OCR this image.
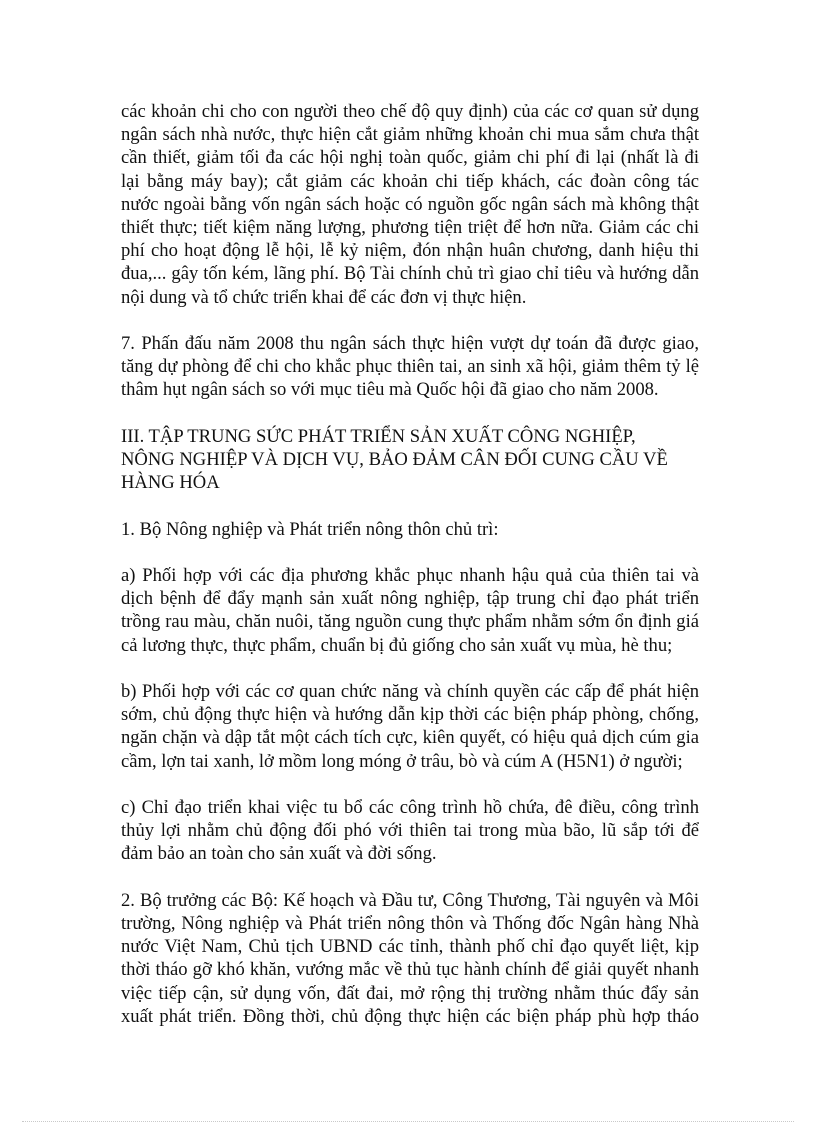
các khoản chi cho con người theo chế độ quy định) của các cơ quan sử dụng
ngân sách nhà nước, thực hiện cắt giảm những khoản chi mua sắm chưa thật
cần thiết, giảm tối đa các hội nghị toàn quốc, giảm chi phí đi lại (nhất là đi
lại bằng máy bay); cắt giảm các khoản chi tiếp khách, các đoàn công tác
nước ngoài bằng vốn ngân sách hoặc có nguồn gốc ngân sách mà không thật
thiết thực; tiết kiệm năng lượng, phương tiện triệt để hơn nữa. Giảm các chi
phí cho hoạt động lễ hội, lễ kỷ niệm, đón nhận huân chương, danh hiệu thi
đua,... gây tốn kém, lãng phí. Bộ Tài chính chủ trì giao chỉ tiêu và hướng dẫn
nội dung và tổ chức triển khai để các đơn vị thực hiện.

7. Phấn đấu năm 2008 thu ngân sách thực hiện vượt dự toán đã được giao,
tăng dự phòng để chi cho khắc phục thiên tai, an sinh xã hội, giảm thêm tỷ lệ
thâm hụt ngân sách so với mục tiêu mà Quốc hội đã giao cho năm 2008.

III. TẬP TRUNG SỨC PHÁT TRIỂN SẢN XUẤT CÔNG NGHIỆP,
NÔNG NGHIỆP VÀ DỊCH VỤ, BẢO ĐẢM CÂN ĐỐI CUNG CẦU VỀ
HÀNG HÓA

1. Bộ Nông nghiệp và Phát triển nông thôn chủ trì:

a) Phối hợp với các địa phương khắc phục nhanh hậu quả của thiên tai và
dịch bệnh để đẩy mạnh sản xuất nông nghiệp, tập trung chỉ đạo phát triển
trồng rau màu, chăn nuôi, tăng nguồn cung thực phẩm nhằm sớm ổn định giá
cả lương thực, thực phẩm, chuẩn bị đủ giống cho sản xuất vụ mùa, hè thu;

b) Phối hợp với các cơ quan chức năng và chính quyền các cấp để phát hiện
sớm, chủ động thực hiện và hướng dẫn kịp thời các biện pháp phòng, chống,
ngăn chặn và dập tắt một cách tích cực, kiên quyết, có hiệu quả dịch cúm gia
cầm, lợn tai xanh, lở mồm long móng ở trâu, bò và cúm A (H5N1) ở người;

c) Chỉ đạo triển khai việc tu bổ các công trình hồ chứa, đê điều, công trình
thủy lợi nhằm chủ động đối phó với thiên tai trong mùa bão, lũ sắp tới để
đảm bảo an toàn cho sản xuất và đời sống.

2. Bộ trưởng các Bộ: Kế hoạch và Đầu tư, Công Thương, Tài nguyên và Môi
trường, Nông nghiệp và Phát triển nông thôn và Thống đốc Ngân hàng Nhà
nước Việt Nam, Chủ tịch UBND các tỉnh, thành phố chỉ đạo quyết liệt, kịp
thời tháo gỡ khó khăn, vướng mắc về thủ tục hành chính để giải quyết nhanh
việc tiếp cận, sử dụng vốn, đất đai, mở rộng thị trường nhằm thúc đẩy sản
xuất phát triển. Đồng thời, chủ động thực hiện các biện pháp phù hợp tháo
